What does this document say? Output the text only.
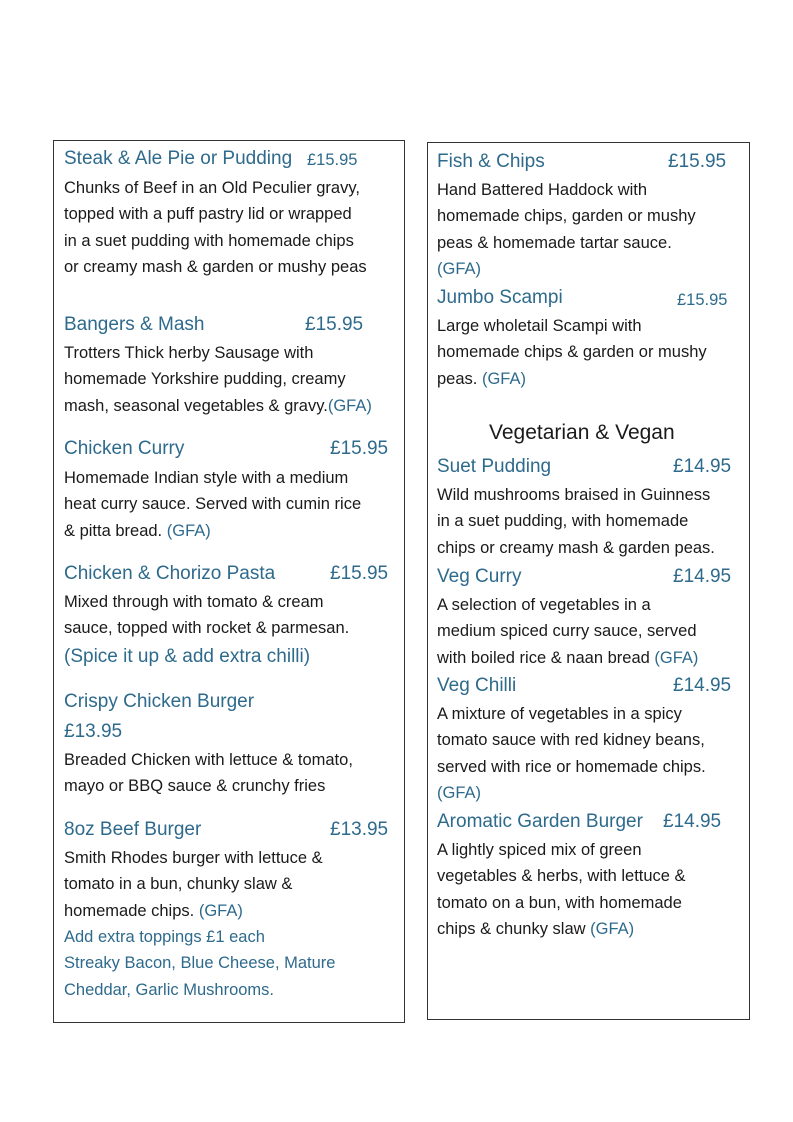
Steak & Ale Pie or Pudding £15.95
Chunks of Beef in an Old Peculier gravy,
topped with a puff pastry lid or wrapped
in a suet pudding with homemade chips
or creamy mash & garden or mushy peas
Bangers & Mash	£15.95
Trotters Thick herby Sausage with
homemade Yorkshire pudding, creamy
mash, seasonal vegetables & gravy.(GFA)
Chicken Curry	£15.95
Homemade Indian style with a medium
heat curry sauce. Served with cumin rice
& pitta bread. (GFA)
Chicken & Chorizo Pasta	£15.95
Mixed through with tomato & cream
sauce, topped with rocket & parmesan.
(Spice it up & add extra chilli)
Crispy Chicken Burger
£13.95
Breaded Chicken with lettuce & tomato,
mayo or BBQ sauce & crunchy fries
8oz Beef Burger	£13.95
Smith Rhodes burger with lettuce &
tomato in a bun, chunky slaw &
homemade chips. (GFA)
Add extra toppings £1 each
Streaky Bacon, Blue Cheese, Mature
Cheddar, Garlic Mushrooms.
Fish & Chips	£15.95
Hand Battered Haddock with
homemade chips, garden or mushy
peas & homemade tartar sauce.
(GFA)
Jumbo Scampi	£15.95
Large wholetail Scampi with
homemade chips & garden or mushy
peas. (GFA)
Vegetarian & Vegan
Suet Pudding	£14.95
Wild mushrooms braised in Guinness
in a suet pudding, with homemade
chips or creamy mash & garden peas.
Veg Curry	£14.95
A selection of vegetables in a
medium spiced curry sauce, served
with boiled rice & naan bread (GFA)
Veg Chilli	£14.95
A mixture of vegetables in a spicy
tomato sauce with red kidney beans,
served with rice or homemade chips.
(GFA)
Aromatic Garden Burger £14.95
A lightly spiced mix of green
vegetables & herbs, with lettuce &
tomato on a bun, with homemade
chips & chunky slaw (GFA)
